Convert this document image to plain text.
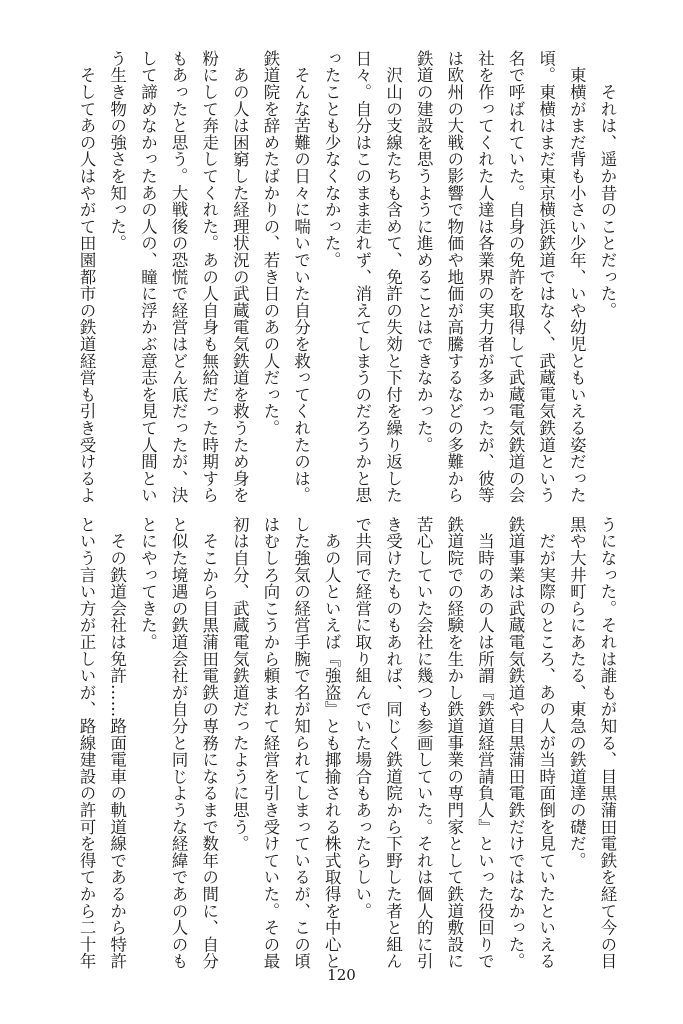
　　それは、遥か昔のことだった。
　東横がまだ背も小さい少年、いや幼児ともいえる姿だった
頃。東横はまだ東京横浜鉄道ではなく、武蔵電気鉄道という
名で呼ばれていた。自身の免許を取得して武蔵電気鉄道の会
社を作ってくれた人達は各業界の実力者が多かったが、彼等
は欧州の大戦の影響で物価や地価が高騰するなどの多難から
鉄道の建設を思うように進めることはできなかった。
　沢山の支線たちも含めて、免許の失効と下付を繰り返した
日々。自分はこのまま走れず、消えてしまうのだろうかと思
ったことも少なくなかった。
　そんな苦難の日々に喘いでいた自分を救ってくれたのは。
鉄道院を辞めたばかりの、若き日のあの人だった。
　あの人は困窮した経理状況の武蔵電気鉄道を救うため身を
粉にして奔走してくれた。あの人自身も無給だった時期すら
もあったと思う。大戦後の恐慌で経営はどん底だったが、決
して諦めなかったあの人の、瞳に浮かぶ意志を見て人間とい
う生き物の強さを知った。
　そしてあの人はやがて田園都市の鉄道経営も引き受けるよ
うになった。それは誰もが知る、目黒蒲田電鉄を経て今の目
黒や大井町らにあたる、東急の鉄道達の礎だ。
　だが実際のところ、あの人が当時面倒を見ていたといえる
鉄道事業は武蔵電気鉄道や目黒蒲田電鉄だけではなかった。
　当時のあの人は所謂『鉄道経営請負人』といった役回りで
鉄道院での経験を生かし鉄道事業の専門家として鉄道敷設に
苦心していた会社に幾つも参画していた。それは個人的に引
き受けたものもあれば、同じく鉄道院から下野した者と組ん
で共同で経営に取り組んでいた場合もあったらしい。
　あの人といえば『強盗』とも揶揄される株式取得を中心と
した強気の経営手腕で名が知られてしまっているが、この頃
はむしろ向こうから頼まれて経営を引き受けていた。その最
初は自分、武蔵電気鉄道だったように思う。
　そこから目黒蒲田電鉄の専務になるまで数年の間に、自分
と似た境遇の鉄道会社が自分と同じような経緯であの人のも
とにやってきた。
　その鉄道会社は免許……路面電車の軌道線であるから特許
という言い方が正しいが、路線建設の許可を得てから二十年
120
